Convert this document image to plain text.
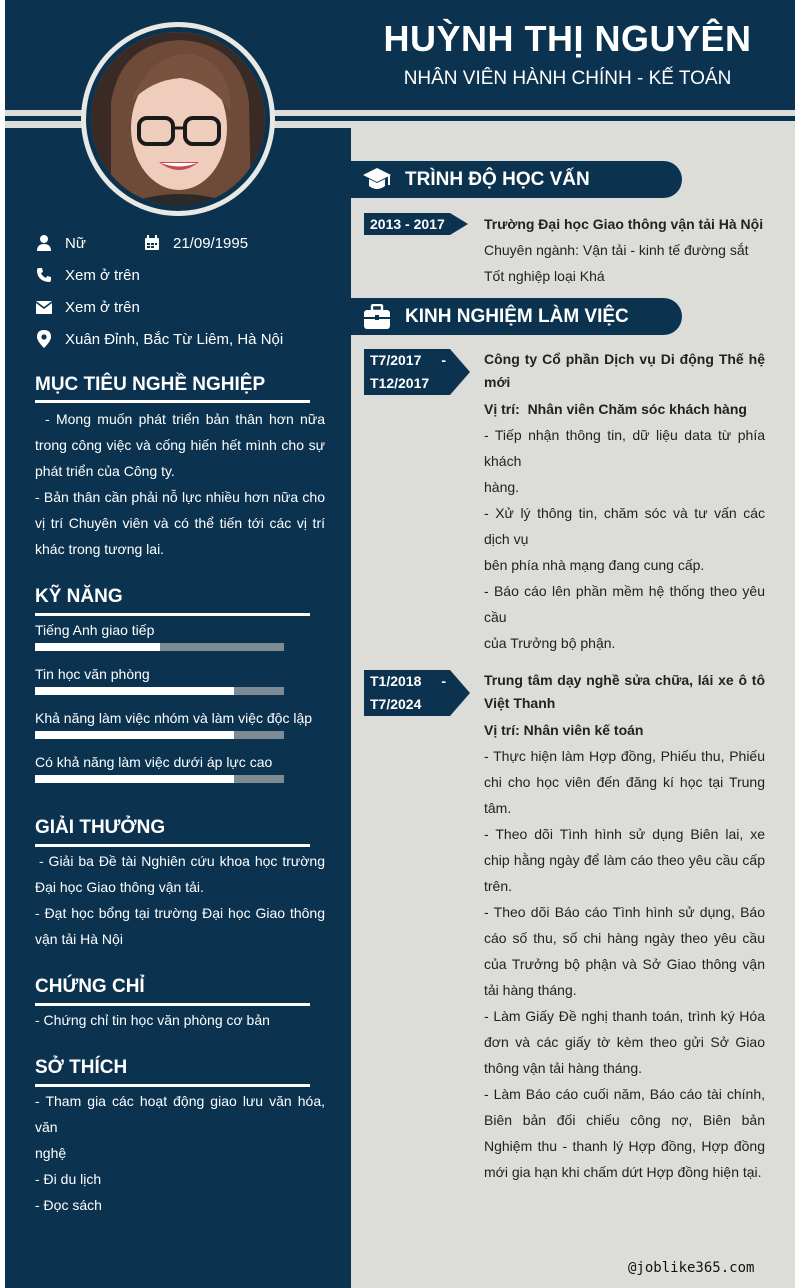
HUỲNH THỊ NGUYÊN
NHÂN VIÊN HÀNH CHÍNH - KẾ TOÁN
Nữ	21/09/1995
Xem ở trên
Xem ở trên
Xuân Đỉnh, Bắc Từ Liêm, Hà Nội
MỤC TIÊU NGHỀ NGHIỆP
- Mong muốn phát triển bản thân hơn nữa trong công việc và cống hiến hết mình cho sự phát triển của Công ty.
- Bản thân cần phải nỗ lực nhiều hơn nữa cho vị trí Chuyên viên và có thể tiến tới các vị trí khác trong tương lai.
KỸ NĂNG
Tiếng Anh giao tiếp
Tin học văn phòng
Khả năng làm việc nhóm và làm việc độc lập
Có khả năng làm việc dưới áp lực cao
GIẢI THƯỞNG
- Giải ba Đề tài Nghiên cứu khoa học trường Đại học Giao thông vận tải.
- Đạt học bổng tại trường Đại học Giao thông vận tải Hà Nội
CHỨNG CHỈ
- Chứng chỉ tin học văn phòng cơ bản
SỞ THÍCH
- Tham gia các hoạt động giao lưu văn hóa, văn
nghệ
- Đi du lịch
- Đọc sách
TRÌNH ĐỘ HỌC VẤN
2013 - 2017	Trường Đại học Giao thông vận tải Hà Nội
Chuyên ngành: Vận tải - kinh tế đường sắt
Tốt nghiệp loại Khá
KINH NGHIỆM LÀM VIỆC
T7/2017 -
T12/2017
Công ty Cổ phần Dịch vụ Di động Thế hệ mới
Vị trí: Nhân viên Chăm sóc khách hàng
- Tiếp nhận thông tin, dữ liệu data từ phía khách
hàng.
- Xử lý thông tin, chăm sóc và tư vấn các dịch vụ
bên phía nhà mạng đang cung cấp.
- Báo cáo lên phần mềm hệ thống theo yêu cầu
của Trưởng bộ phận.
T1/2018 -
T7/2024
Trung tâm dạy nghề sửa chữa, lái xe ô tô Việt Thanh
Vị trí: Nhân viên kế toán
- Thực hiện làm Hợp đồng, Phiếu thu, Phiếu chi cho học viên đến đăng kí học tại Trung tâm.
- Theo dõi Tình hình sử dụng Biên lai, xe chip hằng ngày để làm cáo theo yêu cầu cấp trên.
- Theo dõi Báo cáo Tình hình sử dụng, Báo cáo số thu, số chi hàng ngày theo yêu cầu của Trưởng bộ phận và Sở Giao thông vận tải hàng tháng.
- Làm Giấy Đề nghị thanh toán, trình ký Hóa đơn và các giấy tờ kèm theo gửi Sở Giao thông vận tải hàng tháng.
- Làm Báo cáo cuối năm, Báo cáo tài chính, Biên bản đối chiếu công nợ, Biên bản Nghiệm thu - thanh lý Hợp đồng, Hợp đồng mới gia hạn khi chấm dứt Hợp đồng hiện tại.
@joblike365.com
